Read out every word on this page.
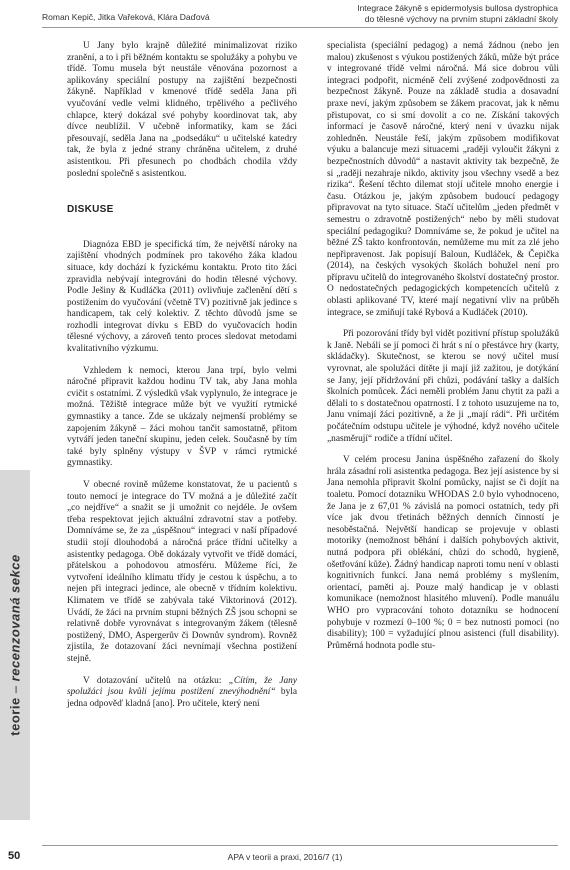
Roman Kepič, Jitka Vařeková, Klára Daďová
Integrace žákyně s epidermolysis bullosa dystrophica
do tělesné výchovy na prvním stupni základní školy
teorie – recenzovaná sekce

U Jany bylo krajně důležité minimalizovat riziko zranění, a to i při běžném kontaktu se spolužáky a pohybu ve třídě. Tomu musela být neustále věnována pozornost a aplikovány speciální postupy na zajištění bezpečnosti žákyně. Například v kmenové třídě seděla Jana při vyučování vedle velmi klidného, trpělivého a pečlivého chlapce, který dokázal své pohyby koordinovat tak, aby dívce neublížil. V učebně informatiky, kam se žáci přesouvají, seděla Jana na „podsedáku“ u učitelské katedry tak, že byla z jedné strany chráněna učitelem, z druhé asistentkou. Při přesunech po chodbách chodila vždy poslední společně s asistentkou.

DISKUSE

Diagnóza EBD je specifická tím, že největší nároky na zajištění vhodných podmínek pro takového žáka kladou situace, kdy dochází k fyzickému kontaktu. Proto tito žáci zpravidla nebývají integrováni do hodin tělesné výchovy. Podle Ješiny & Kudláčka (2011) ovlivňuje začlenění dětí s postižením do vyučování (včetně TV) pozitivně jak jedince s handicapem, tak celý kolektiv. Z těchto důvodů jsme se rozhodli integrovat dívku s EBD do vyučovacích hodin tělesné výchovy, a zároveň tento proces sledovat metodami kvalitativního výzkumu.

Vzhledem k nemoci, kterou Jana trpí, bylo velmi náročné připravit každou hodinu TV tak, aby Jana mohla cvičit s ostatními. Z výsledků však vyplynulo, že integrace je možná. Těžiště integrace může být ve využití rytmické gymnastiky a tance. Zde se ukázaly nejmenší problémy se zapojením žákyně – žáci mohou tančit samostatně, přitom vytváří jeden taneční skupinu, jeden celek. Současně by tím také byly splněny výstupy v ŠVP v rámci rytmické gymnastiky.

V obecné rovině můžeme konstatovat, že u pacientů s touto nemocí je integrace do TV možná a je důležité začít „co nejdříve“ a snažit se ji umožnit co nejdéle. Je ovšem třeba respektovat jejich aktuální zdravotní stav a potřeby. Domníváme se, že za „úspěšnou“ integraci v naší případové studii stojí dlouhodobá a náročná práce třídní učitelky a asistentky pedagoga. Obě dokázaly vytvořit ve třídě domácí, přátelskou a pohodovou atmosféru. Můžeme říci, že vytvoření ideálního klimatu třídy je cestou k úspěchu, a to nejen při integraci jedince, ale obecně v třídním kolektivu. Klimatem ve třídě se zabývala také Viktorinová (2012). Uvádí, že žáci na prvním stupni běžných ZŠ jsou schopni se relativně dobře vyrovnávat s integrovaným žákem (tělesně postižený, DMO, Aspergerův či Downův syndrom). Rovněž zjistila, že dotazovaní žáci nevnímají všechna postižení stejně.

V dotazování učitelů na otázku: „Cítím, že Jany spolužáci jsou kvůli jejímu postižení znevýhodnění“ byla jedna odpověď kladná [ano]. Pro učitele, který není

specialista (speciální pedagog) a nemá žádnou (nebo jen malou) zkušenost s výukou postižených žáků, může být práce v integrované třídě velmi náročná. Má sice dobrou vůli integraci podpořit, nicméně čelí zvýšené zodpovědnosti za bezpečnost žákyně. Pouze na základě studia a dosavadní praxe neví, jakým způsobem se žákem pracovat, jak k němu přistupovat, co si smí dovolit a co ne. Získání takových informací je časově náročné, který není v úvazku nijak zohledněn. Neustále řeší, jakým způsobem modifikovat výuku a balancuje mezi situacemi „raději vyloučit žákyni z bezpečnostních důvodů“ a nastavit aktivity tak bezpečně, že si „raději nezahraje nikdo, aktivity jsou všechny vsedě a bez rizika“. Řešení těchto dilemat stojí učitele mnoho energie i času. Otázkou je, jakým způsobem budoucí pedagogy připravovat na tyto situace. Stačí učitelům „jeden předmět v semestru o zdravotně postižených“ nebo by měli studovat speciální pedagogiku? Domníváme se, že pokud je učitel na běžné ZŠ takto konfrontován, nemůžeme mu mít za zlé jeho nepřipravenost. Jak popisují Baloun, Kudláček, & Čepička (2014), na českých vysokých školách bohužel není pro přípravu učitelů do integrovaného školství dostatečný prostor. O nedostatečných pedagogických kompetencích učitelů z oblasti aplikované TV, které mají negativní vliv na průběh integrace, se zmiňují také Rybová a Kudláček (2010).

Při pozorování třídy byl vidět pozitivní přístup spolužáků k Janě. Nebáli se jí pomoci či hrát s ní o přestávce hry (karty, skládačky). Skutečnost, se kterou se nový učitel musí vyrovnat, ale spolužáci dítěte ji mají již zažitou, je dotýkání se Jany, její přidržování při chůzi, podávání tašky a dalších školních pomůcek. Žáci neměli problém Janu chytit za paži a dělali to s dostatečnou opatrností. I z tohoto usuzujeme na to, Janu vnímají žáci pozitivně, a že ji „mají rádi“. Při určitém počátečním odstupu učitele je výhodné, když nového učitele „nasměrují“ rodiče a třídní učitel.

V celém procesu Janina úspěšného zařazení do školy hrála zásadní roli asistentka pedagoga. Bez její asistence by si Jana nemohla připravit školní pomůcky, najíst se či dojít na toaletu. Pomocí dotazníku WHODAS 2.0 bylo vyhodnoceno, že Jana je z 67,01 % závislá na pomoci ostatních, tedy při více jak dvou třetinách běžných denních činností je nesoběstačná. Největší handicap se projevuje v oblasti motoriky (nemožnost běhání i dalších pohybových aktivit, nutná podpora při oblékání, chůzi do schodů, hygieně, ošetřování kůže). Žádný handicap naproti tomu není v oblasti kognitivních funkcí. Jana nemá problémy s myšlením, orientací, paměti aj. Pouze malý handicap je v oblasti komunikace (nemožnost hlasitého mluvení). Podle manuálu WHO pro vypracování tohoto dotazníku se hodnocení pohybuje v rozmezí 0–100 %; 0 = bez nutnosti pomoci (no disability); 100 = vyžadující plnou asistenci (full disability). Průměrná hodnota podle stu-

50	APA v teorii a praxi, 2016/7 (1)
